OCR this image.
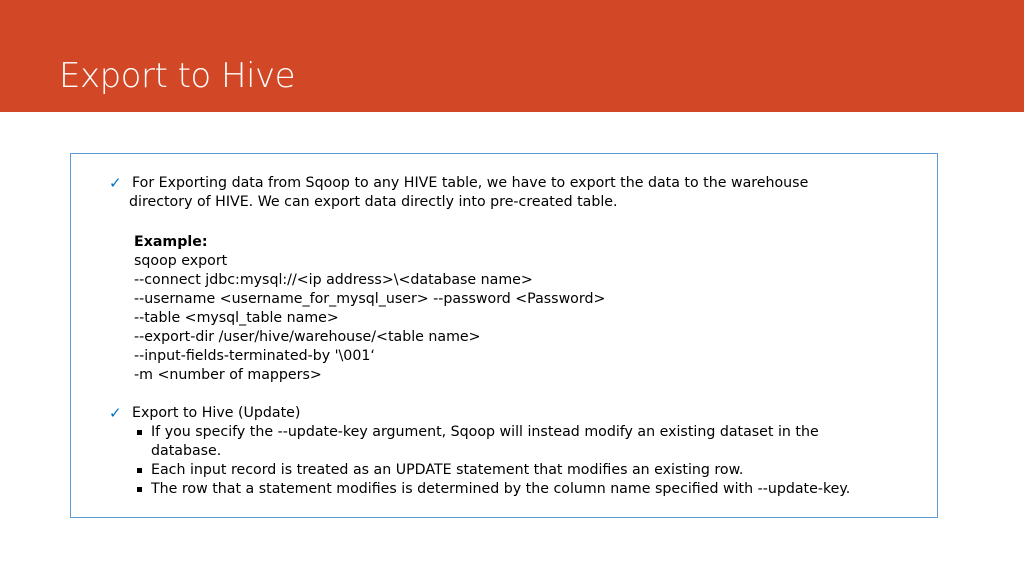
Export to Hive
✓ For Exporting data from Sqoop to any HIVE table, we have to export the data to the warehouse
directory of HIVE. We can export data directly into pre-created table.
Example:
sqoop export
--connect jdbc:mysql://<ip address>\<database name>
--username <username_for_mysql_user> --password <Password>
--table <mysql_table name>
--export-dir /user/hive/warehouse/<table name>
--input-fields-terminated-by '\001‘
-m <number of mappers>
✓ Export to Hive (Update)
If you specify the --update-key argument, Sqoop will instead modify an existing dataset in the
database.
Each input record is treated as an UPDATE statement that modifies an existing row.
The row that a statement modifies is determined by the column name specified with --update-key.
